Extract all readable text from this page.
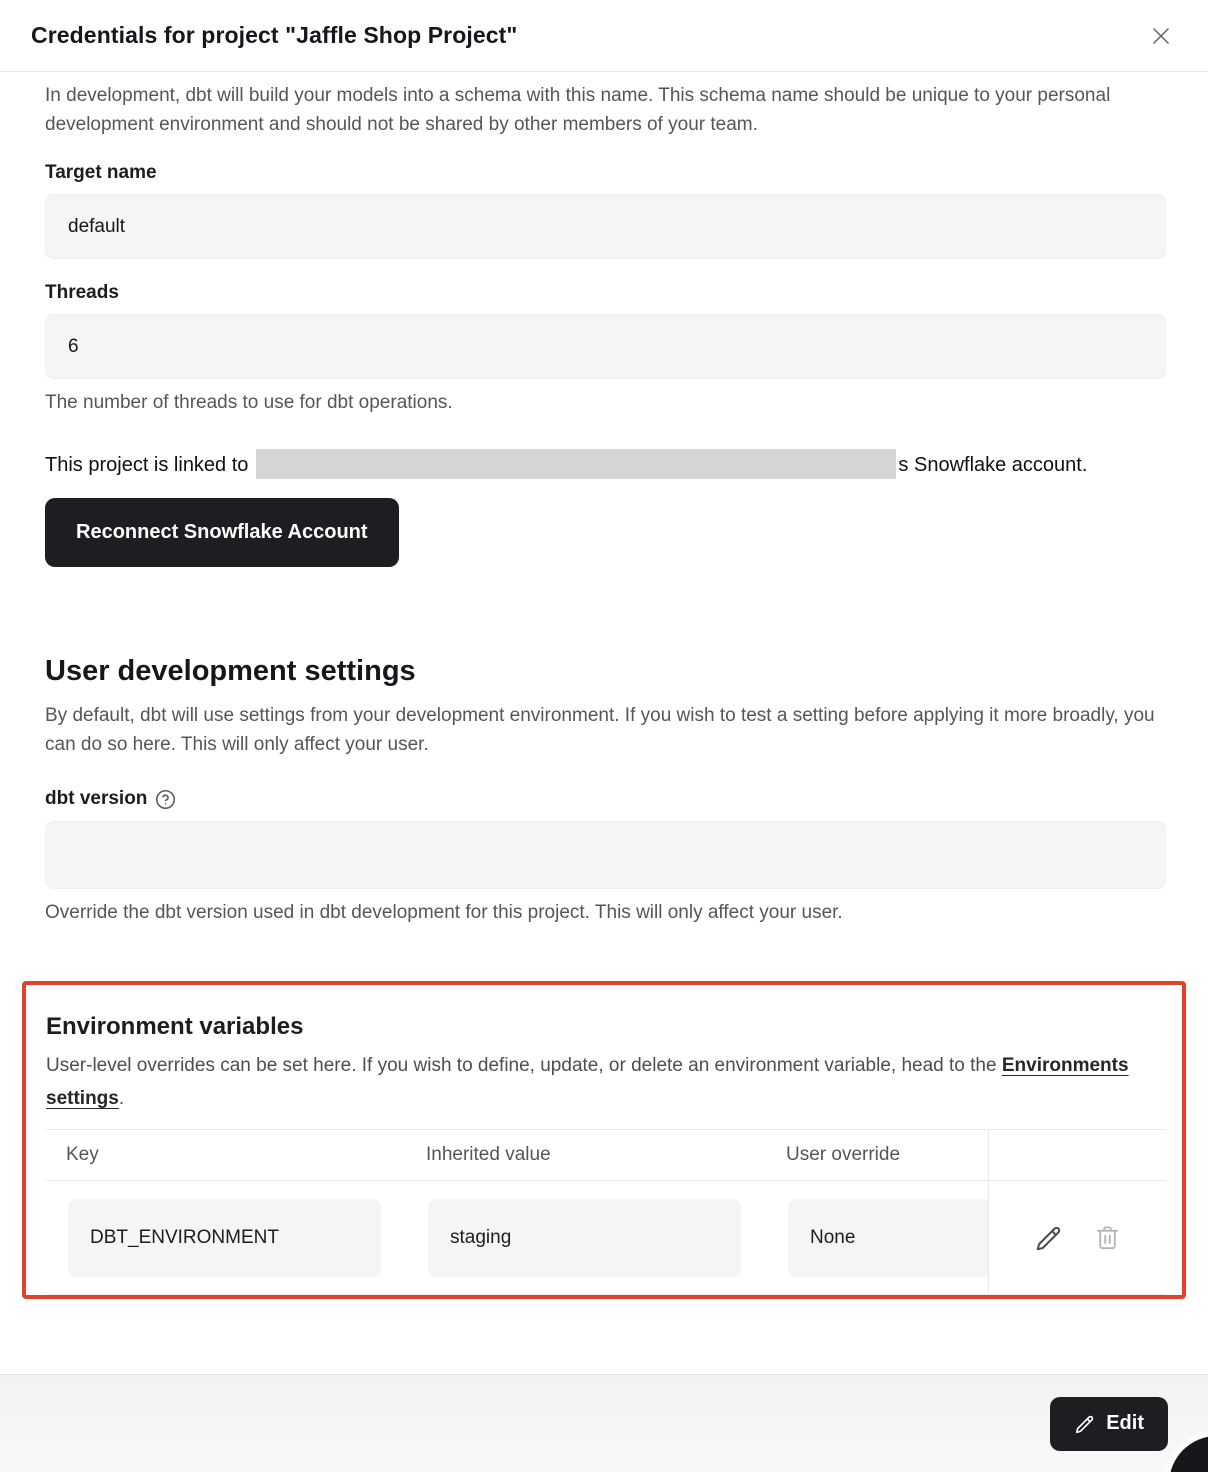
Credentials for project "Jaffle Shop Project"

In development, dbt will build your models into a schema with this name. This schema name should be unique to your personal development environment and should not be shared by other members of your team.

Target name
default
Threads
6
The number of threads to use for dbt operations.
This project is linked to	s Snowflake account.
Reconnect Snowflake Account
User development settings

By default, dbt will use settings from your development environment. If you wish to test a setting before applying it more broadly, you can do so here. This will only affect your user.

dbt version
Override the dbt version used in dbt development for this project. This will only affect your user.
Environment variables

User-level overrides can be set here. If you wish to define, update, or delete an environment variable, head to the Environments settings.

Key	Inherited value	User override
DBT_ENVIRONMENT	staging	None
Edit
